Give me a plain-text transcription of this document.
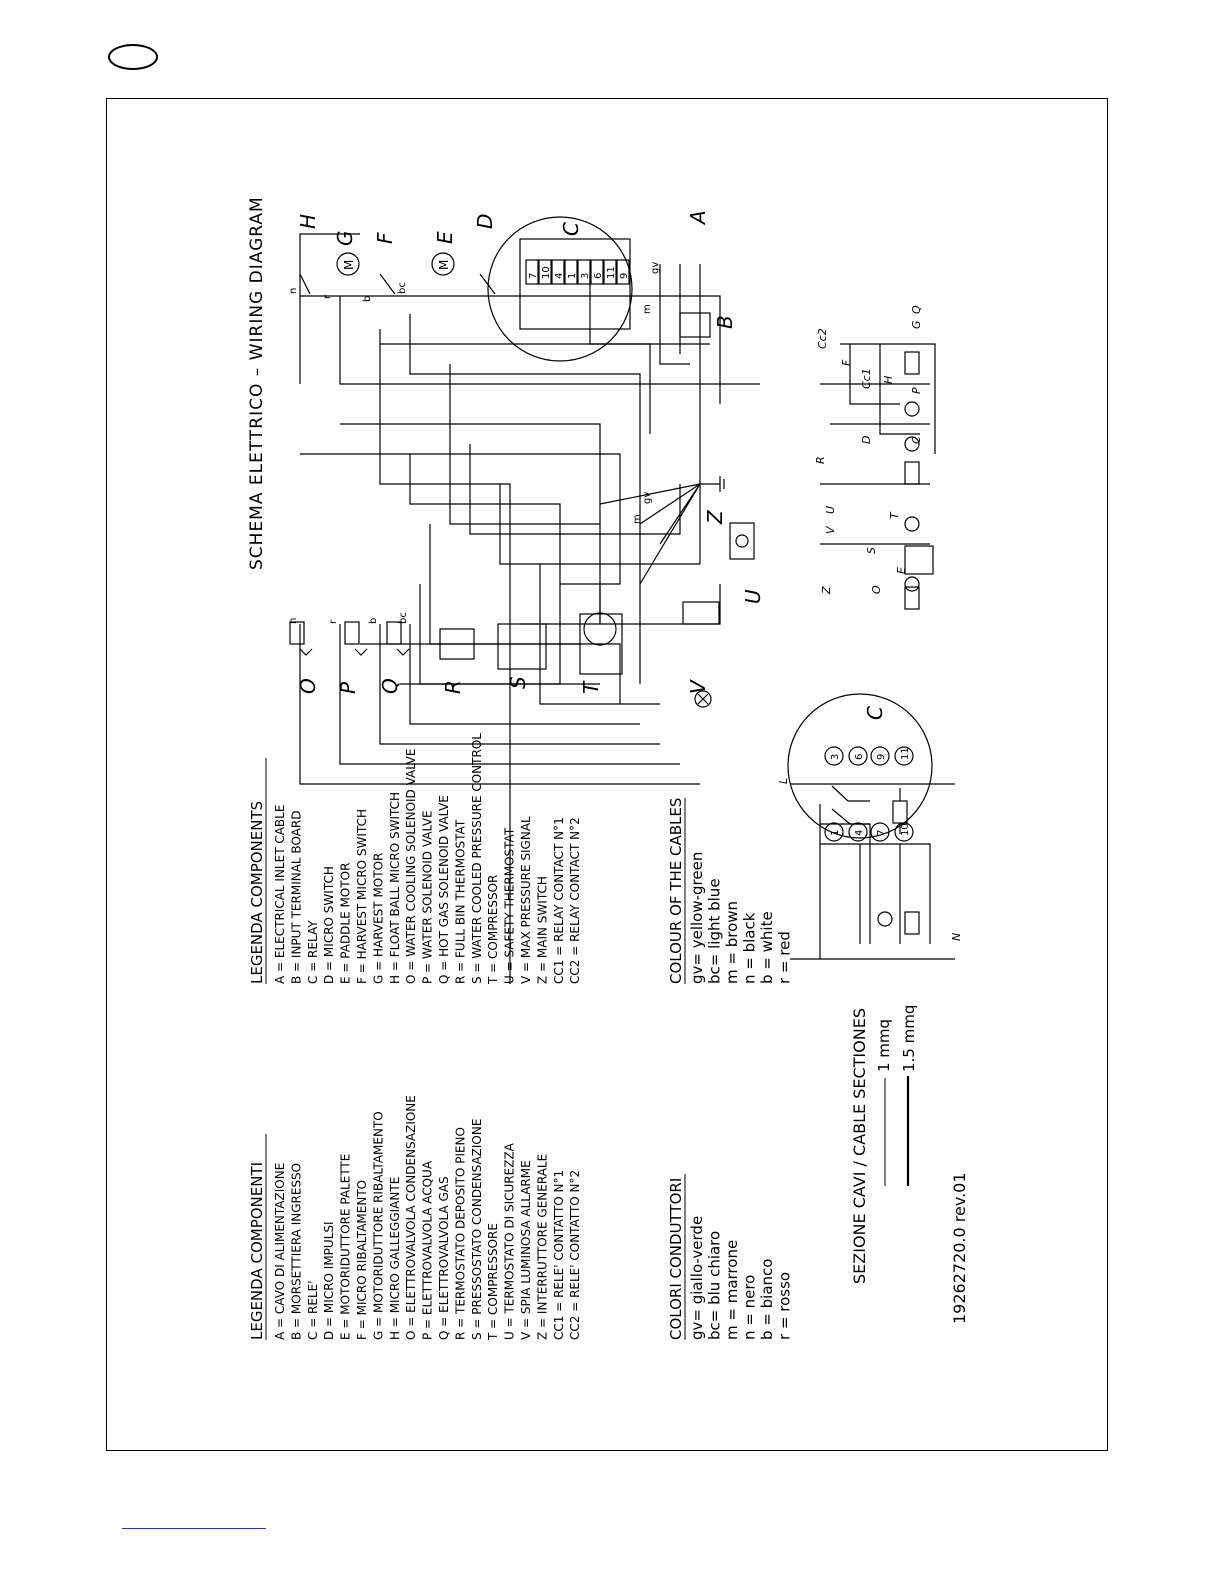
SCHEMA ELETTRICO – WIRING DIAGRAM
LEGENDA COMPONENTI A = CAVO DI ALIMENTAZIONE B = MORSETTIERA INGRESSO C = RELE' D = MICRO IMPULSI E = MOTORIDUTTORE PALETTE F = MICRO RIBALTAMENTO G = MOTORIDUTTORE RIBALTAMENTO H = MICRO GALLEGGIANTE O = ELETTROVALVOLA CONDENSAZIONE P = ELETTROVALVOLA ACQUA Q = ELETTROVALVOLA GAS R = TERMOSTATO DEPOSITO PIENO S = PRESSOSTATO CONDENSAZIONE T = COMPRESSORE U = TERMOSTATO DI SICUREZZA V = SPIA LUMINOSA ALLARME Z = INTERRUTTORE GENERALE CC1 = RELE' CONTATTO N°1 CC2 = RELE' CONTATTO N°2
LEGENDA COMPONENTS A = ELECTRICAL INLET CABLE B = INPUT TERMINAL BOARD C = RELAY D = MICRO SWITCH E = PADDLE MOTOR F = HARVEST MICRO SWITCH G = HARVEST MOTOR H = FLOAT BALL MICRO SWITCH O = WATER COOLING SOLENOID VALVE P = WATER SOLENOID VALVE Q = HOT GAS SOLENOID VALVE R = FULL BIN THERMOSTAT S = WATER COOLED PRESSURE CONTROL T = COMPRESSOR U = SAFETY THERMOSTAT V = MAX PRESSURE SIGNAL Z = MAIN SWITCH CC1 = RELAY CONTACT N°1 CC2 = RELAY CONTACT N°2
COLORI CONDUTTORI gv= giallo-verde bc= blu chiaro m = marrone n = nero b = bianco r = rosso
COLOUR OF THE CABLES gv= yellow-green bc= light blue m = brown n = black b = white r = red
SEZIONE CAVI / CABLE SECTIONES 1 mmq 1.5 mmq
19262720.0 rev.01
C
3 6 9 11
1 4 7 10
7 10 4 1 3 6 11 9
H
G F E
D
C
A
B
O P Q R S T	V
U
Z
M	M
Cc2
F
H
Cc1
D
R
V
U
E
T
S
O
Z
C
P
G
Q
L
N
n
r	b
bc
m
gv
n	r	b bc
m
gv
